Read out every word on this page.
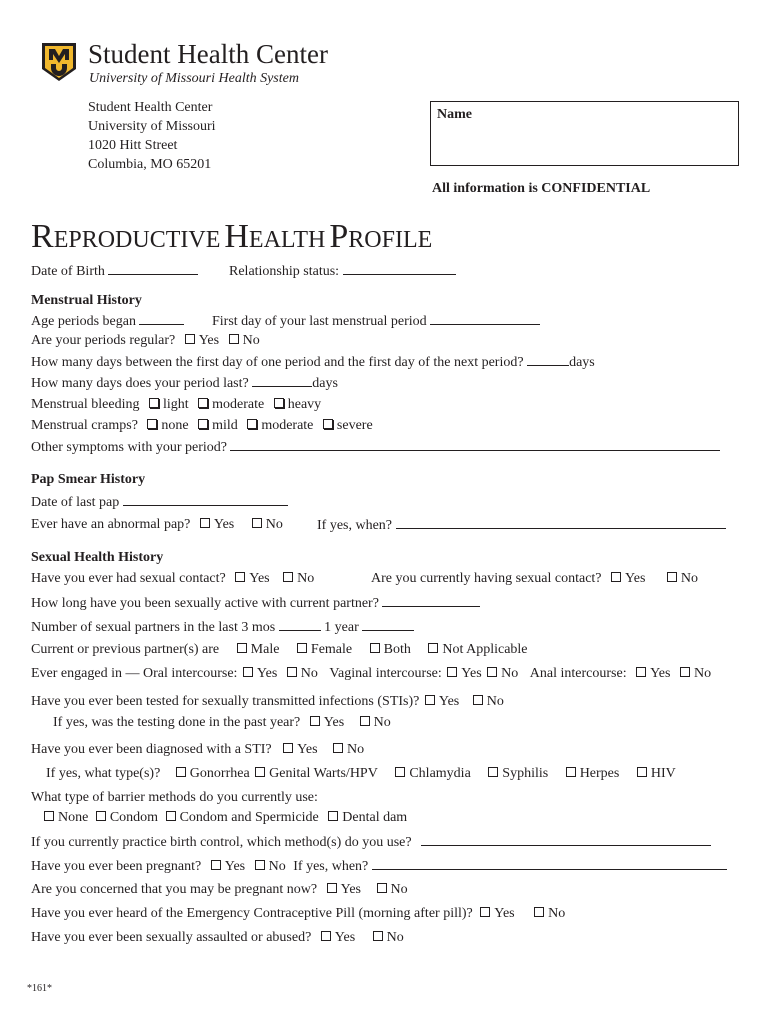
Student Health Center
University of Missouri Health System
Student Health Center
University of Missouri
1020 Hitt Street
Columbia, MO 65201
Name
All information is CONFIDENTIAL
REPRODUCTIVE HEALTH PROFILE
Date of Birth	Relationship status:
Menstrual History
Age periods began	First day of your last menstrual period
Are your periods regular? Yes
No
How many days between the first day of one period and the first day of the next period?	days
How many days does your period last?	days
Menstrual bleeding light
moderate
heavy
Menstrual cramps? none
mild
moderate
severe
Other symptoms with your period?
Pap Smear History
Date of last pap
Ever have an abnormal pap? Yes
No If yes, when?
Sexual Health History
Have you ever had sexual contact? Yes
No	Are you currently having sexual contact? Yes
	No
How long have you been sexually active with current partner?
Number of sexual partners in the last 3 mos	1 year
Current or previous partner(s) are Male
Female
Both
Not Applicable
Ever engaged in — Oral intercourse: Yes
No Vaginal intercourse: Yes
No Anal intercourse: Yes
No
Have you ever been tested for sexually transmitted infections (STIs)? Yes
No
If yes, was the testing done in the past year? Yes
No
Have you ever been diagnosed with a STI? Yes
No
If yes, what type(s)? Gonorrhea
Genital Warts/HPV
Chlamydia
Syphilis
Herpes
HIV
What type of barrier methods do you currently use:
None
Condom
Condom and Spermicide
Dental dam
If you currently practice birth control, which method(s) do you use?
Have you ever been pregnant? Yes
No If yes, when?
Are you concerned that you may be pregnant now? Yes
No
Have you ever heard of the Emergency Contraceptive Pill (morning after pill)? Yes
No
Have you ever been sexually assaulted or abused? Yes
No
*161*
